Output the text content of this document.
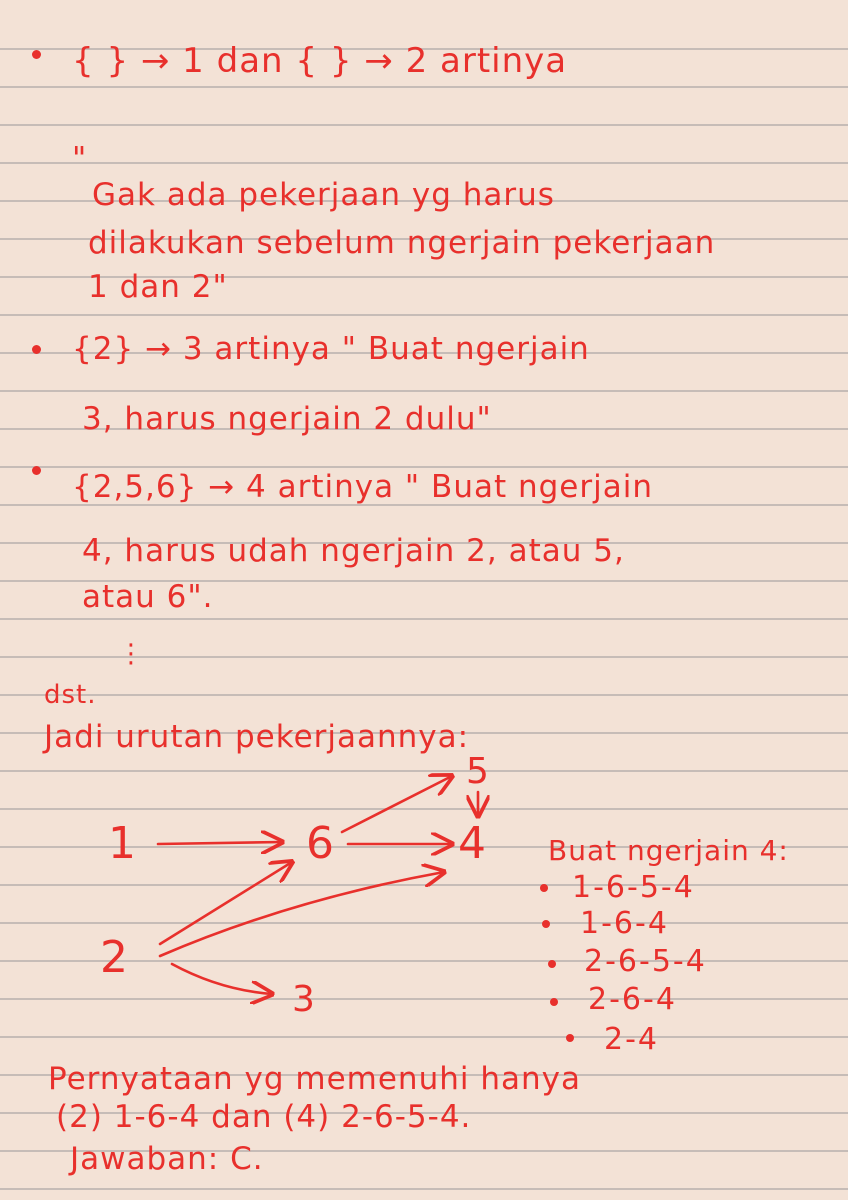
{ } → 1 dan { } → 2 artinya
"
Gak ada pekerjaan yg harus
dilakukan sebelum ngerjain pekerjaan
1 dan 2"
{2} → 3 artinya " Buat ngerjain
3, harus ngerjain 2 dulu"
{2,5,6} → 4 artinya " Buat ngerjain
4, harus udah ngerjain 2, atau 5,
atau 6".
⋮
dst.
Jadi urutan pekerjaannya:
1	6
5
4
2
3
Buat ngerjain 4:
1-6-5-4
1-6-4
2-6-5-4
2-6-4
2-4
Pernyataan yg memenuhi hanya
(2) 1-6-4 dan (4) 2-6-5-4.
Jawaban: C.
